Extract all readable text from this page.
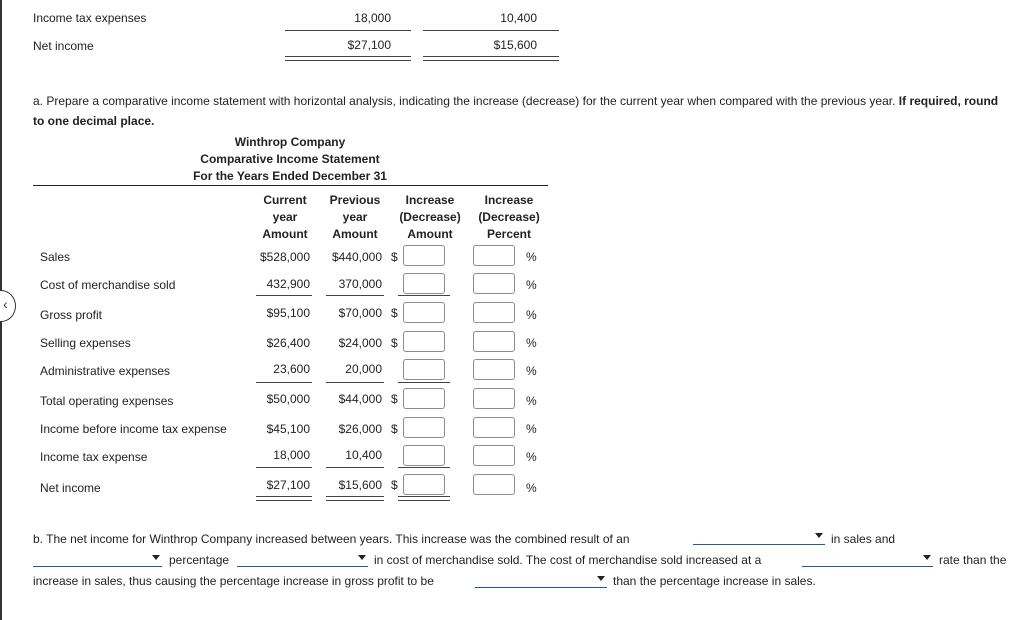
‹
Income tax expenses	18,000	10,400
Net income	$27,100	$15,600
a. Prepare a comparative income statement with horizontal analysis, indicating the increase (decrease) for the current year when compared with the previous year. If required, round to one decimal place.
Winthrop Company
Comparative Income Statement
For the Years Ended December 31
Current
year
Amount
Previous
year
Amount
Increase
(Decrease)
Amount
Increase
(Decrease)
Percent
Sales	$528,000	$440,000 $	%
Cost of merchandise sold	432,900	370,000	%
Gross profit	$95,100	$70,000 $	%
Selling expenses	$26,400	$24,000 $	%
Administrative expenses	23,600	20,000	%
Total operating expenses	$50,000	$44,000 $	%
Income before income tax expense	$45,100	$26,000 $	%
Income tax expense	18,000	10,400	%
Net income	$27,100	$15,600 $	%
b. The net income for Winthrop Company increased between years. This increase was the combined result of an	in sales and
percentage	in cost of merchandise sold. The cost of merchandise sold increased at a	rate than the
increase in sales, thus causing the percentage increase in gross profit to be	than the percentage increase in sales.
